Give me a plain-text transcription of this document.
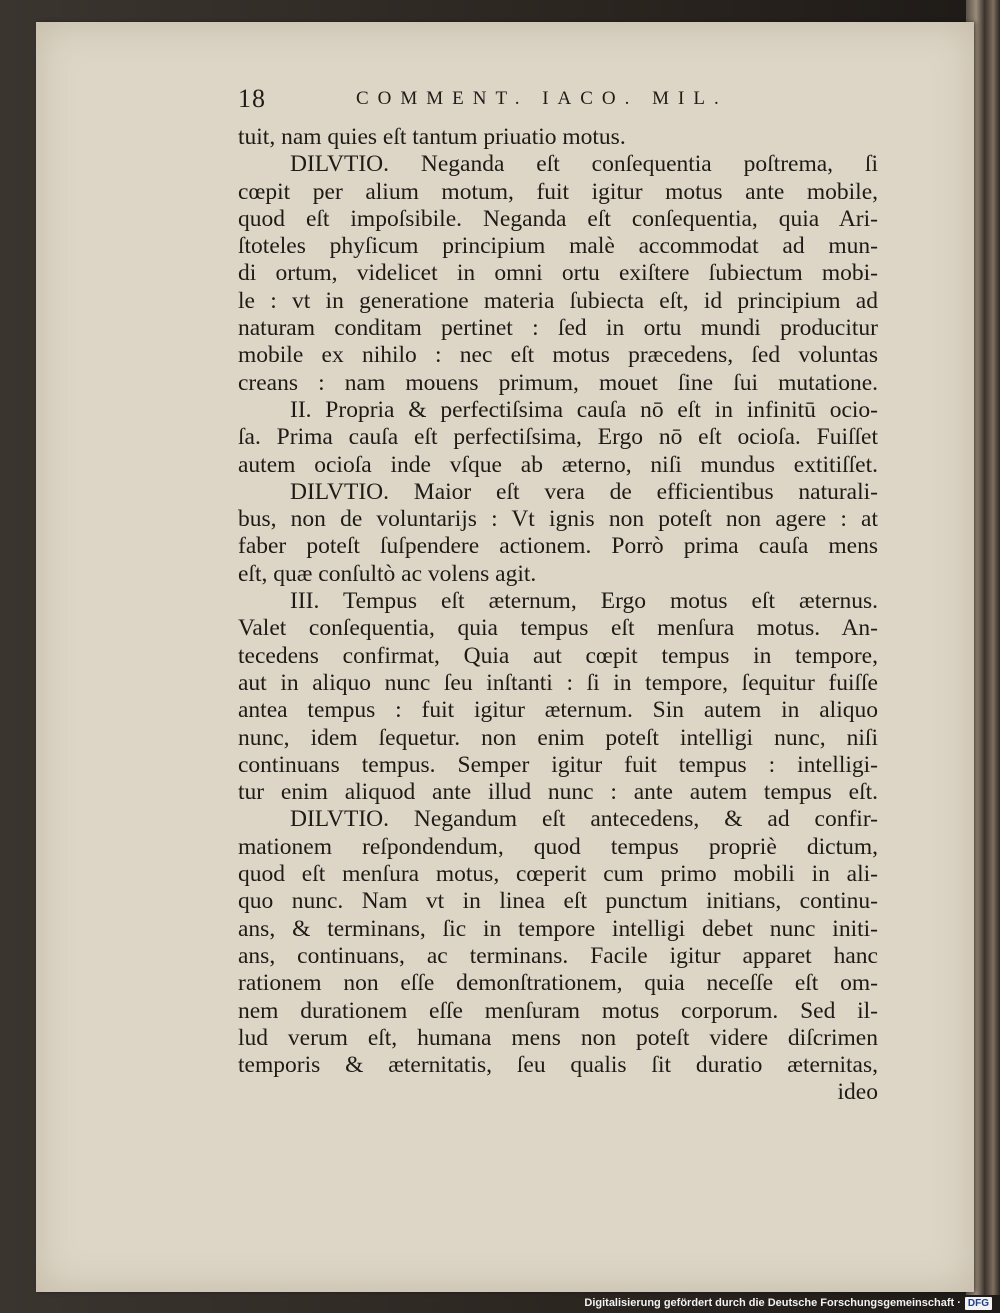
18	COMMENT. IACO. MIL.
tuit, nam quies eſt tantum priuatio motus.
DILVTIO. Neganda eſt conſequentia poſtrema, ſi
cœpit per alium motum, fuit igitur motus ante mobile,
quod eſt impoſsibile. Neganda eſt conſequentia, quia Ari-
ſtoteles phyſicum principium malè accommodat ad mun-
di ortum, videlicet in omni ortu exiſtere ſubiectum mobi-
le : vt in generatione materia ſubiecta eſt, id principium ad
naturam conditam pertinet : ſed in ortu mundi producitur
mobile ex nihilo : nec eſt motus præcedens, ſed voluntas
creans : nam mouens primum, mouet ſine ſui mutatione.
II. Propria & perfectiſsima cauſa nō eſt in infinitū ocio-
ſa. Prima cauſa eſt perfectiſsima, Ergo nō eſt ocioſa. Fuiſſet
autem ocioſa inde vſque ab æterno, niſi mundus extitiſſet.
DILVTIO. Maior eſt vera de efficientibus naturali-
bus, non de voluntarijs : Vt ignis non poteſt non agere : at
faber poteſt ſuſpendere actionem. Porrò prima cauſa mens
eſt, quæ conſultò ac volens agit.
III. Tempus eſt æternum, Ergo motus eſt æternus.
Valet conſequentia, quia tempus eſt menſura motus. An-
tecedens confirmat, Quia aut cœpit tempus in tempore,
aut in aliquo nunc ſeu inſtanti : ſi in tempore, ſequitur fuiſſe
antea tempus : fuit igitur æternum. Sin autem in aliquo
nunc, idem ſequetur. non enim poteſt intelligi nunc, niſi
continuans tempus. Semper igitur fuit tempus : intelligi-
tur enim aliquod ante illud nunc : ante autem tempus eſt.
DILVTIO. Negandum eſt antecedens, & ad confir-
mationem reſpondendum, quod tempus propriè dictum,
quod eſt menſura motus, cœperit cum primo mobili in ali-
quo nunc. Nam vt in linea eſt punctum initians, continu-
ans, & terminans, ſic in tempore intelligi debet nunc initi-
ans, continuans, ac terminans. Facile igitur apparet hanc
rationem non eſſe demonſtrationem, quia neceſſe eſt om-
nem durationem eſſe menſuram motus corporum. Sed il-
lud verum eſt, humana mens non poteſt videre diſcrimen
temporis & æternitatis, ſeu qualis ſit duratio æternitas,
ideo
Digitalisierung gefördert durch die Deutsche Forschungsgemeinschaft · DFG
